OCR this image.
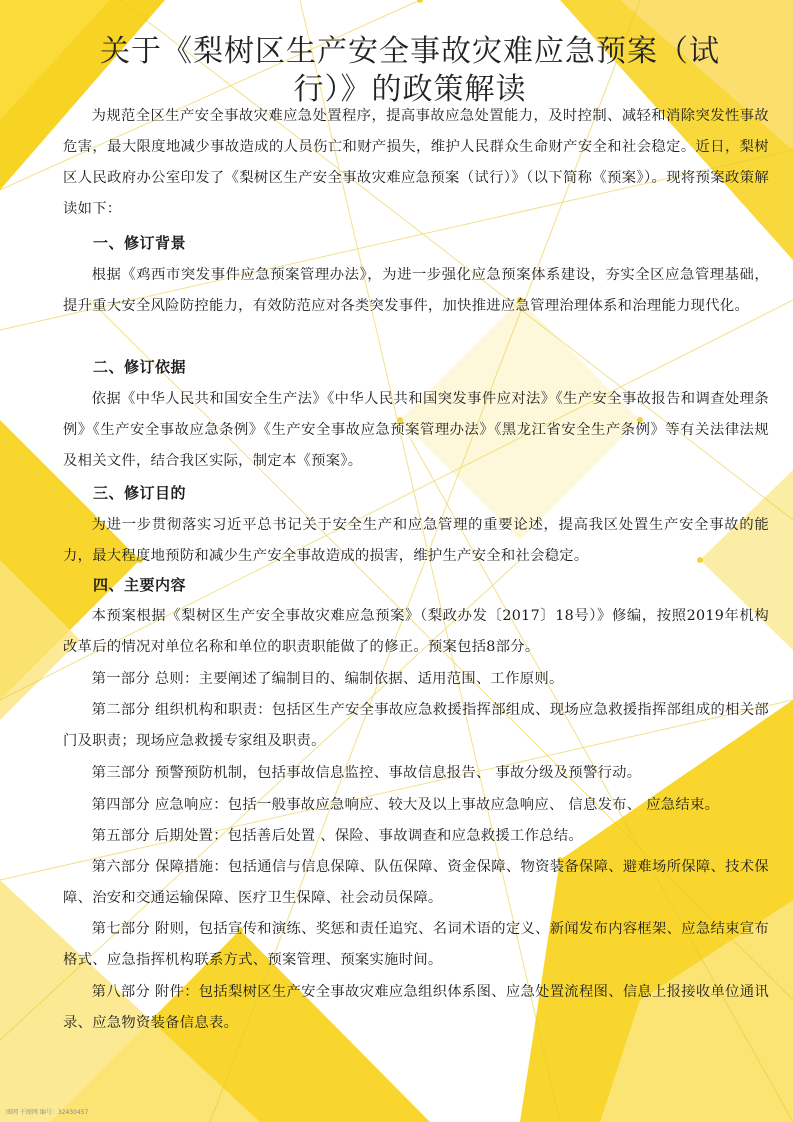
关于《梨树区生产安全事故灾难应急预案（试
行）》的政策解读
为规范全区生产安全事故灾难应急处置程序，提高事故应急处置能力，及时控制、减轻和消除突发性事故危害，最大限度地减少事故造成的人员伤亡和财产损失，维护人民群众生命财产安全和社会稳定。近日，梨树区人民政府办公室印发了《梨树区生产安全事故灾难应急预案（试行）》（以下简称《预案》）。现将预案政策解读如下：
一、修订背景
根据《鸡西市突发事件应急预案管理办法》，为进一步强化应急预案体系建设，夯实全区应急管理基础，提升重大安全风险防控能力，有效防范应对各类突发事件，加快推进应急管理治理体系和治理能力现代化。
二、修订依据
依据《中华人民共和国安全生产法》《中华人民共和国突发事件应对法》《生产安全事故报告和调查处理条例》《生产安全事故应急条例》《生产安全事故应急预案管理办法》《黑龙江省安全生产条例》等有关法律法规及相关文件，结合我区实际，制定本《预案》。
三、修订目的
为进一步贯彻落实习近平总书记关于安全生产和应急管理的重要论述，提高我区处置生产安全事故的能力，最大程度地预防和减少生产安全事故造成的损害，维护生产安全和社会稳定。
四、主要内容
本预案根据《梨树区生产安全事故灾难应急预案》（梨政办发〔2017〕18号）》修编，按照2019年机构改革后的情况对单位名称和单位的职责职能做了的修正。预案包括8部分。
第一部分 总则：主要阐述了编制目的、编制依据、适用范围、工作原则。
第二部分 组织机构和职责：包括区生产安全事故应急救援指挥部组成、现场应急救援指挥部组成的相关部门及职责；现场应急救援专家组及职责。
第三部分 预警预防机制，包括事故信息监控、事故信息报告、 事故分级及预警行动。
第四部分 应急响应：包括一般事故应急响应、较大及以上事故应急响应、 信息发布、 应急结束。
第五部分 后期处置：包括善后处置 、保险、事故调查和应急救援工作总结。
第六部分 保障措施：包括通信与信息保障、队伍保障、资金保障、物资装备保障、避难场所保障、技术保障、治安和交通运输保障、医疗卫生保障、社会动员保障。
第七部分 附则，包括宣传和演练、奖惩和责任追究、名词术语的定义、新闻发布内容框架、应急结束宣布格式、应急指挥机构联系方式、预案管理、预案实施时间。
第八部分 附件：包括梨树区生产安全事故灾难应急组织体系图、应急处置流程图、信息上报接收单位通讯录、应急物资装备信息表。
图网 千图网 编号：32430457
